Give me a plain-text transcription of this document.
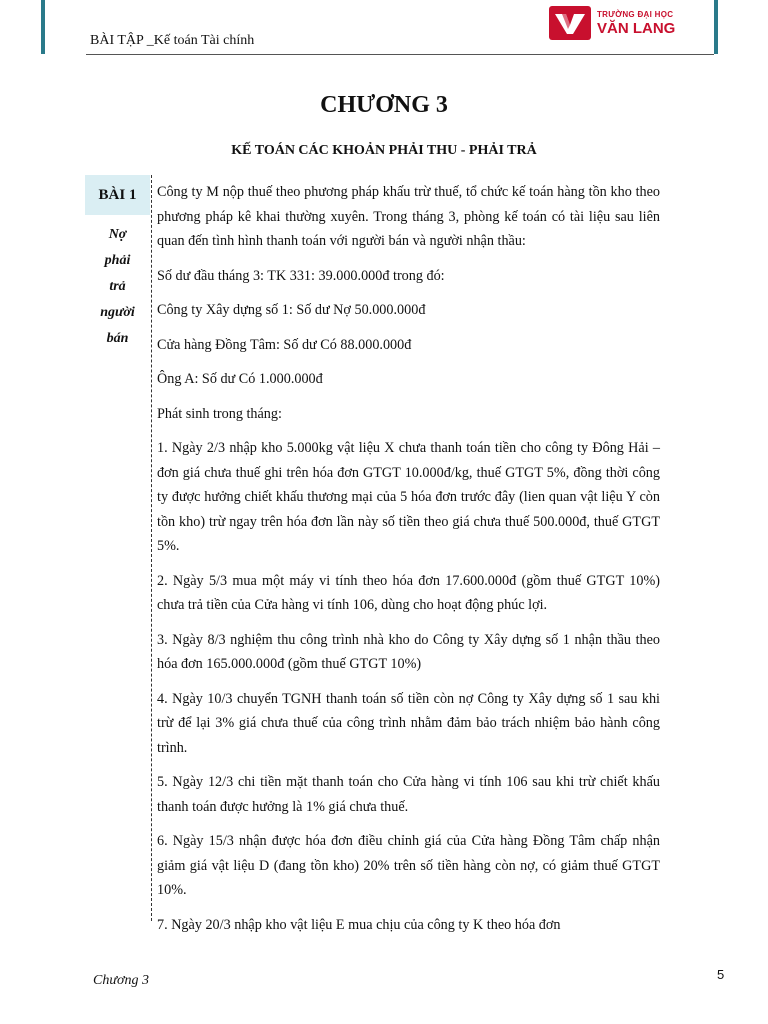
BÀI TẬP _Kế toán Tài chính
TRƯỜNG ĐẠI HỌC
VĂN LANG
CHƯƠNG 3
KẾ TOÁN CÁC KHOẢN PHẢI THU - PHẢI TRẢ
BÀI 1
Nợ
phải
trả
người
bán

Công ty M nộp thuế theo phương pháp khấu trừ thuế, tổ chức kế toán hàng tồn kho theo phương pháp kê khai thường xuyên. Trong tháng 3, phòng kế toán có tài liệu sau liên quan đến tình hình thanh toán với người bán và người nhận thầu:

Số dư đầu tháng 3: TK 331: 39.000.000đ trong đó:

Công ty Xây dựng số 1: Số dư Nợ 50.000.000đ

Cửa hàng Đồng Tâm: Số dư Có 88.000.000đ

Ông A: Số dư Có 1.000.000đ

Phát sinh trong tháng:

1. Ngày 2/3 nhập kho 5.000kg vật liệu X chưa thanh toán tiền cho công ty Đông Hải – đơn giá chưa thuế ghi trên hóa đơn GTGT 10.000đ/kg, thuế GTGT 5%, đồng thời công ty được hưởng chiết khấu thương mại của 5 hóa đơn trước đây (lien quan vật liệu Y còn tồn kho) trừ ngay trên hóa đơn lần này số tiền theo giá chưa thuế 500.000đ, thuế GTGT 5%.

2. Ngày 5/3 mua một máy vi tính theo hóa đơn 17.600.000đ (gồm thuế GTGT 10%) chưa trả tiền của Cửa hàng vi tính 106, dùng cho hoạt động phúc lợi.

3. Ngày 8/3 nghiệm thu công trình nhà kho do Công ty Xây dựng số 1 nhận thầu theo hóa đơn 165.000.000đ (gồm thuế GTGT 10%)

4. Ngày 10/3 chuyển TGNH thanh toán số tiền còn nợ Công ty Xây dựng số 1 sau khi trừ để lại 3% giá chưa thuế của công trình nhằm đảm bảo trách nhiệm bảo hành công trình.

5. Ngày 12/3 chi tiền mặt thanh toán cho Cửa hàng vi tính 106 sau khi trừ chiết khấu thanh toán được hưởng là 1% giá chưa thuế.

6. Ngày 15/3 nhận được hóa đơn điều chỉnh giá của Cửa hàng Đồng Tâm chấp nhận giảm giá vật liệu D (đang tồn kho) 20% trên số tiền hàng còn nợ, có giảm thuế GTGT 10%.

7. Ngày 20/3 nhập kho vật liệu E mua chịu của công ty K theo hóa đơn

Chương 3	5
